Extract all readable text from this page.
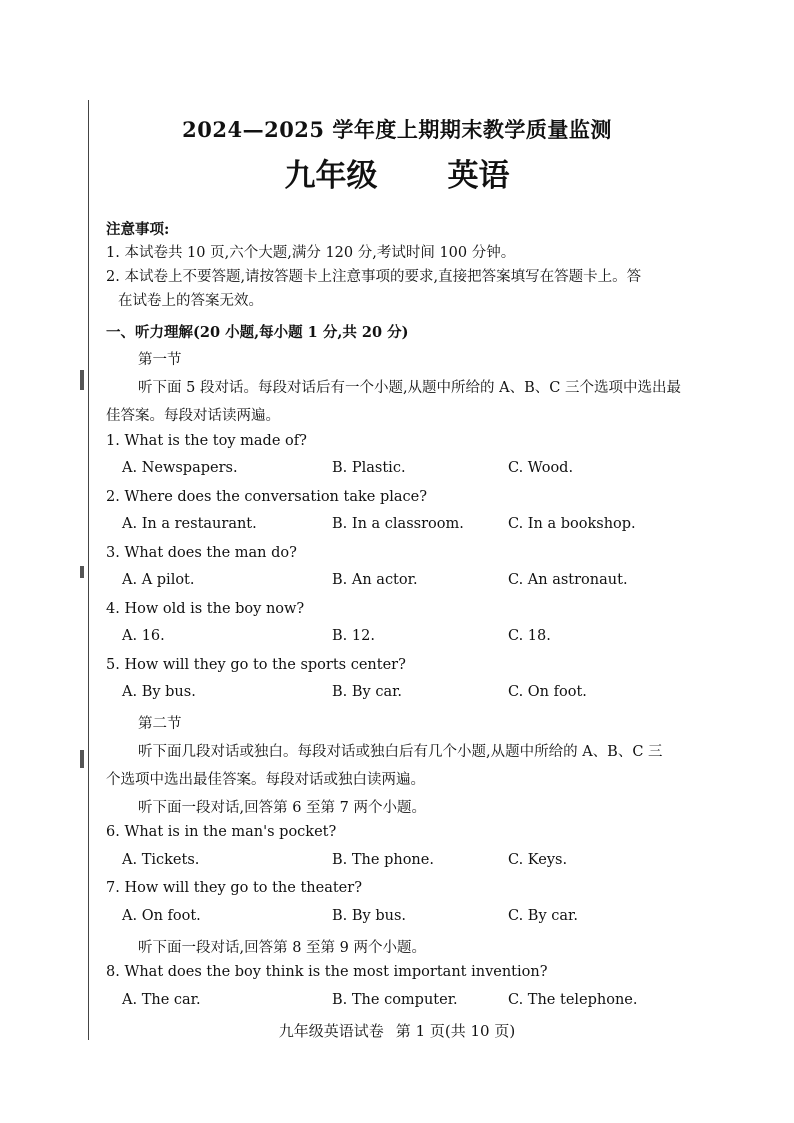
2024—2025 学年度上期期末教学质量监测
九年级 英语
注意事项:
1. 本试卷共 10 页,六个大题,满分 120 分,考试时间 100 分钟。
2. 本试卷上不要答题,请按答题卡上注意事项的要求,直接把答案填写在答题卡上。答
在试卷上的答案无效。
一、听力理解(20 小题,每小题 1 分,共 20 分)
第一节
听下面 5 段对话。每段对话后有一个小题,从题中所给的 A、B、C 三个选项中选出最
佳答案。每段对话读两遍。
1. What is the toy made of?
A. Newspapers.	B. Plastic.	C. Wood.
2. Where does the conversation take place?
A. In a restaurant.	B. In a classroom.	C. In a bookshop.
3. What does the man do?
A. A pilot.	B. An actor.	C. An astronaut.
4. How old is the boy now?
A. 16.	B. 12.	C. 18.
5. How will they go to the sports center?
A. By bus.	B. By car.	C. On foot.
第二节
听下面几段对话或独白。每段对话或独白后有几个小题,从题中所给的 A、B、C 三
个选项中选出最佳答案。每段对话或独白读两遍。
听下面一段对话,回答第 6 至第 7 两个小题。
6. What is in the man's pocket?
A. Tickets.	B. The phone.	C. Keys.
7. How will they go to the theater?
A. On foot.	B. By bus.	C. By car.
听下面一段对话,回答第 8 至第 9 两个小题。
8. What does the boy think is the most important invention?
A. The car.	B. The computer.	C. The telephone.
九年级英语试卷 第 1 页(共 10 页)
